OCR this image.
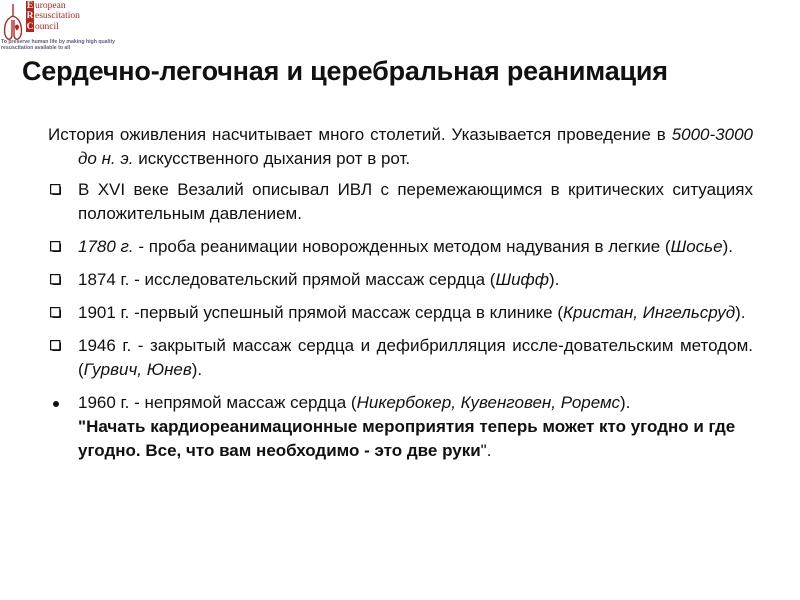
E uropean
R esuscitation
C ouncil
To preserve human life by making high quality resuscitation available to all
Сердечно-легочная и церебральная реанимация
История оживления насчитывает много столетий. Указывается проведение в 5000-3000 до н. э. искусственного дыхания рот в рот.
В XVI веке Везалий описывал ИВЛ с перемежающимся в критических ситуациях положительным давлением.
1780 г. - проба реанимации новорожденных методом надувания в легкие (Шосье).
1874 г. - исследовательский прямой массаж сердца (Шифф).
1901 г. -первый успешный прямой массаж сердца в клинике (Кристан, Ингельсруд).
1946 г. - закрытый массаж сердца и дефибрилляция иссле-довательским методом.(Гурвич, Юнев).
1960 г. - непрямой массаж сердца (Никербокер, Кувенговен, Роремс).
"Начать кардиореанимационные мероприятия теперь может кто угодно и где угодно. Все, что вам необходимо - это две руки".
